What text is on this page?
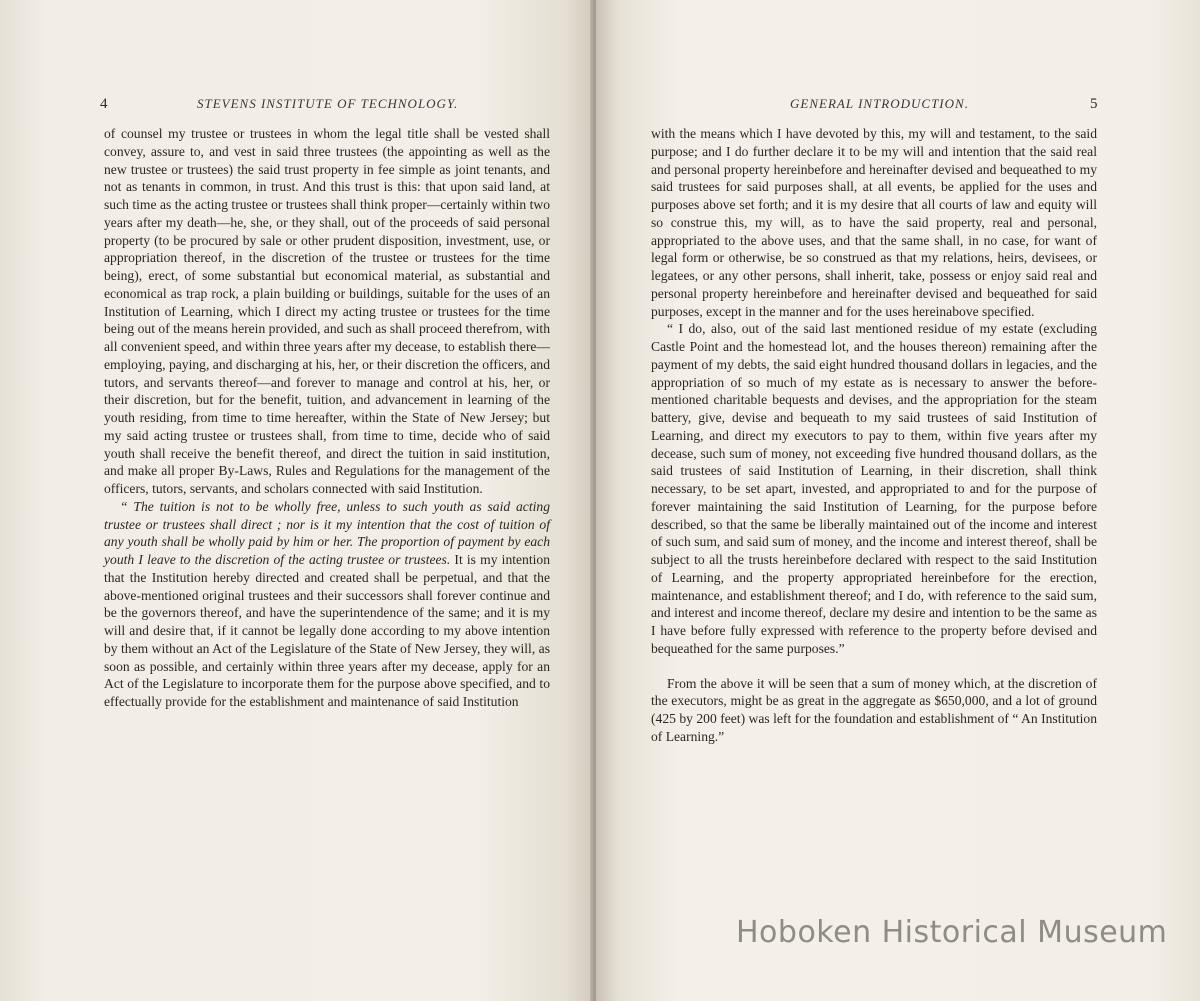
4	STEVENS INSTITUTE OF TECHNOLOGY.

of counsel my trustee or trustees in whom the legal title shall be vested shall convey, assure to, and vest in said three trustees (the appointing as well as the new trustee or trustees) the said trust property in fee simple as joint tenants, and not as tenants in common, in trust. And this trust is this: that upon said land, at such time as the acting trustee or trustees shall think proper—certainly within two years after my death—he, she, or they shall, out of the proceeds of said personal property (to be procured by sale or other prudent disposition, investment, use, or appropriation thereof, in the discretion of the trustee or trustees for the time being), erect, of some substantial but economical material, as substantial and economical as trap rock, a plain building or buildings, suitable for the uses of an Institution of Learning, which I direct my acting trustee or trustees for the time being out of the means herein provided, and such as shall proceed therefrom, with all convenient speed, and within three years after my decease, to establish there—employing, paying, and discharging at his, her, or their discretion the officers, and tutors, and servants thereof—and forever to manage and control at his, her, or their discretion, but for the benefit, tuition, and advancement in learning of the youth residing, from time to time hereafter, within the State of New Jersey; but my said acting trustee or trustees shall, from time to time, decide who of said youth shall receive the benefit thereof, and direct the tuition in said institution, and make all proper By-Laws, Rules and Regulations for the management of the officers, tutors, servants, and scholars connected with said Institution.

“ The tuition is not to be wholly free, unless to such youth as said acting trustee or trustees shall direct ; nor is it my intention that the cost of tuition of any youth shall be wholly paid by him or her. The proportion of payment by each youth I leave to the discretion of the acting trustee or trustees. It is my intention that the Institution hereby directed and created shall be perpetual, and that the above-mentioned original trustees and their successors shall forever continue and be the governors thereof, and have the superintendence of the same; and it is my will and desire that, if it cannot be legally done according to my above intention by them without an Act of the Legislature of the State of New Jersey, they will, as soon as possible, and certainly within three years after my decease, apply for an Act of the Legislature to incorporate them for the purpose above specified, and to effectually provide for the establishment and maintenance of said Institution

GENERAL INTRODUCTION.	5

with the means which I have devoted by this, my will and testament, to the said purpose; and I do further declare it to be my will and intention that the said real and personal property hereinbefore and hereinafter devised and bequeathed to my said trustees for said purposes shall, at all events, be applied for the uses and purposes above set forth; and it is my desire that all courts of law and equity will so construe this, my will, as to have the said property, real and personal, appropriated to the above uses, and that the same shall, in no case, for want of legal form or otherwise, be so construed as that my relations, heirs, devisees, or legatees, or any other persons, shall inherit, take, possess or enjoy said real and personal property hereinbefore and hereinafter devised and bequeathed for said purposes, except in the manner and for the uses hereinabove specified.

“ I do, also, out of the said last mentioned residue of my estate (excluding Castle Point and the homestead lot, and the houses thereon) remaining after the payment of my debts, the said eight hundred thousand dollars in legacies, and the appropriation of so much of my estate as is necessary to answer the before-mentioned charitable bequests and devises, and the appropriation for the steam battery, give, devise and bequeath to my said trustees of said Institution of Learning, and direct my executors to pay to them, within five years after my decease, such sum of money, not exceeding five hundred thousand dollars, as the said trustees of said Institution of Learning, in their discretion, shall think necessary, to be set apart, invested, and appropriated to and for the purpose of forever maintaining the said Institution of Learning, for the purpose before described, so that the same be liberally maintained out of the income and interest of such sum, and said sum of money, and the income and interest thereof, shall be subject to all the trusts hereinbefore declared with respect to the said Institution of Learning, and the property appropriated hereinbefore for the erection, maintenance, and establishment thereof; and I do, with reference to the said sum, and interest and income thereof, declare my desire and intention to be the same as I have before fully expressed with reference to the property before devised and bequeathed for the same purposes.”

From the above it will be seen that a sum of money which, at the discretion of the executors, might be as great in the aggregate as $650,000, and a lot of ground (425 by 200 feet) was left for the foundation and establishment of “ An Institution of Learning.”

Hoboken Historical Museum
